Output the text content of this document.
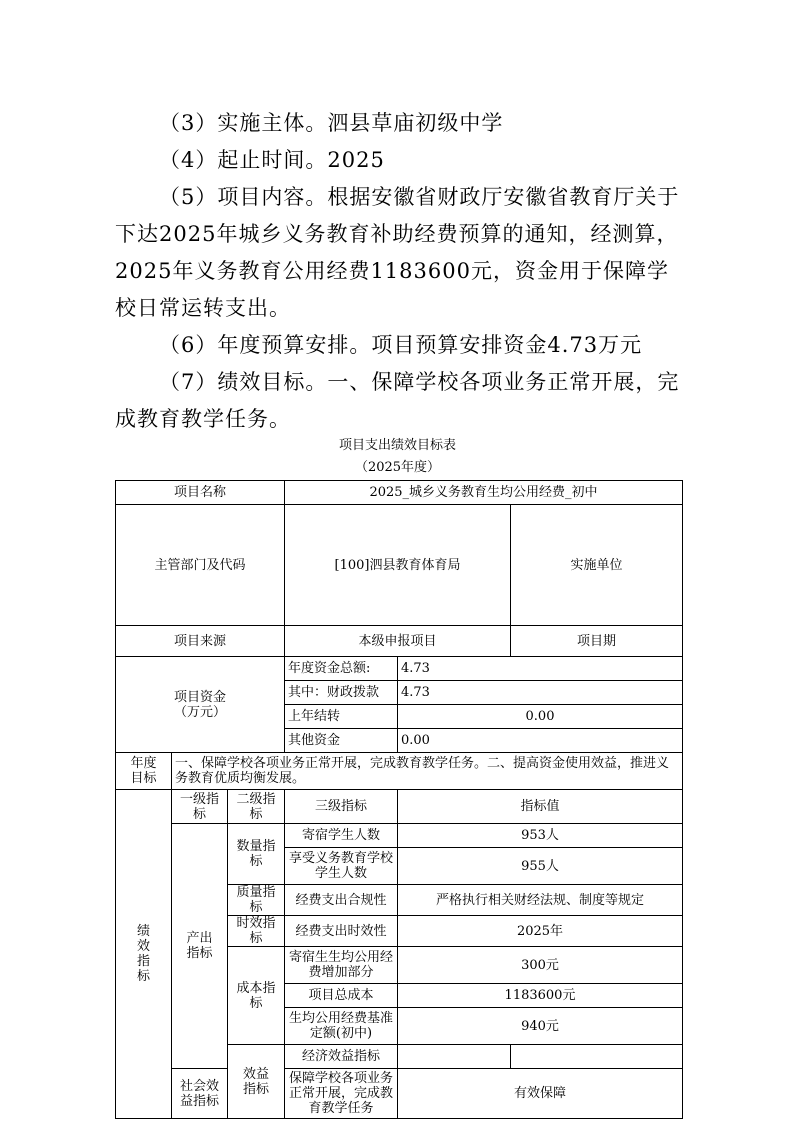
（3）实施主体。泗县草庙初级中学

（4）起止时间。2025

（5）项目内容。根据安徽省财政厅安徽省教育厅关于下达2025年城乡义务教育补助经费预算的通知，经测算，2025年义务教育公用经费1183600元，资金用于保障学校日常运转支出。

（6）年度预算安排。项目预算安排资金4.73万元

（7）绩效目标。一、保障学校各项业务正常开展，完成教育教学任务。

项目支出绩效目标表
（2025年度）
项目名称			2025_城乡义务教育生均公用经费_初中			
主管部门及代码			[100]泗县教育体育局		实施单位	
项目来源			本级申报项目		项目期	

项目资金
（万元）			年度资金总额:	4.73		
			其中：财政拨款	4.73		
			上年结转	0.00		
			其他资金	0.00		

年度
目标	一、保障学校各项业务正常开展，完成教育教学任务。二、提高资金使用效益，推进义务教育优质均衡发展。					

绩效指标	一级指标	二级指标	三级指标	指标值		

	产出指标	数量指标	寄宿学生人数	953人		
			享受义务教育学校学生人数	955人		
		质量指标	经费支出合规性	严格执行相关财经法规、制度等规定		
		时效指标	经费支出时效性	2025年		
		成本指标	寄宿生生均公用经费增加部分	300元		
			项目总成本	1183600元		
			生均公用经费基准定额(初中)	940元		

		效益指标	经济效益指标			
	社会效益指标		保障学校各项业务正常开展，完成教育教学任务	有效保障		
